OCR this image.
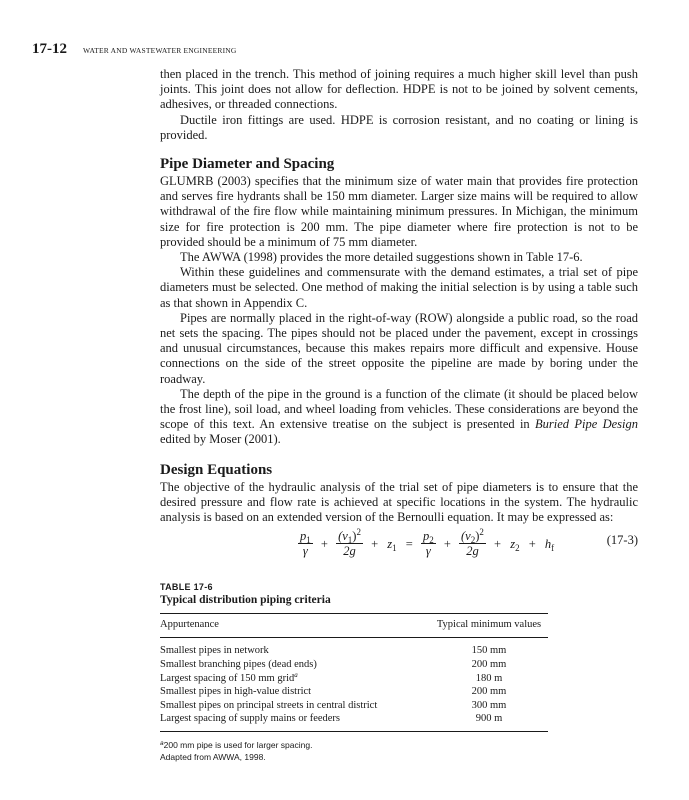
17-12 WATER AND WASTEWATER ENGINEERING

then placed in the trench. This method of joining requires a much higher skill level than push joints. This joint does not allow for deflection. HDPE is not to be joined by solvent cements, adhesives, or threaded connections.

Ductile iron fittings are used. HDPE is corrosion resistant, and no coating or lining is provided.

Pipe Diameter and Spacing

GLUMRB (2003) specifies that the minimum size of water main that provides fire protection and serves fire hydrants shall be 150 mm diameter. Larger size mains will be required to allow withdrawal of the fire flow while maintaining minimum pressures. In Michigan, the minimum size for fire protection is 200 mm. The pipe diameter where fire protection is not to be provided should be a minimum of 75 mm diameter.

The AWWA (1998) provides the more detailed suggestions shown in Table 17-6.

Within these guidelines and commensurate with the demand estimates, a trial set of pipe diameters must be selected. One method of making the initial selection is by using a table such as that shown in Appendix C.

Pipes are normally placed in the right-of-way (ROW) alongside a public road, so the road net sets the spacing. The pipes should not be placed under the pavement, except in crossings and unusual circumstances, because this makes repairs more difficult and expensive. House connections on the side of the street opposite the pipeline are made by boring under the roadway.

The depth of the pipe in the ground is a function of the climate (it should be placed below the frost line), soil load, and wheel loading from vehicles. These considerations are beyond the scope of this text. An extensive treatise on the subject is presented in Buried Pipe Design edited by Moser (2001).

Design Equations

The objective of the hydraulic analysis of the trial set of pipe diameters is to ensure that the desired pressure and flow rate is achieved at specific locations in the system. The hydraulic analysis is based on an extended version of the Bernoulli equation. It may be expressed as:

$\frac{p_1}{\gamma} + \frac{(v_1)^2}{2g} + z_1 = \frac{p_2}{\gamma} + \frac{(v_2)^2}{2g} + z_2 + h_f$
(17-3)
TABLE 17-6
Typical distribution piping criteria
Appurtenance	Typical minimum values
Smallest pipes in network	150 mm
Smallest branching pipes (dead ends)	200 mm
Largest spacing of 150 mm grid$^a$	180 m
Smallest pipes in high-value district	200 mm
Smallest pipes on principal streets in central district	300 mm
Largest spacing of supply mains or feeders	900 m
$^a$200 mm pipe is used for larger spacing.
Adapted from AWWA, 1998.
